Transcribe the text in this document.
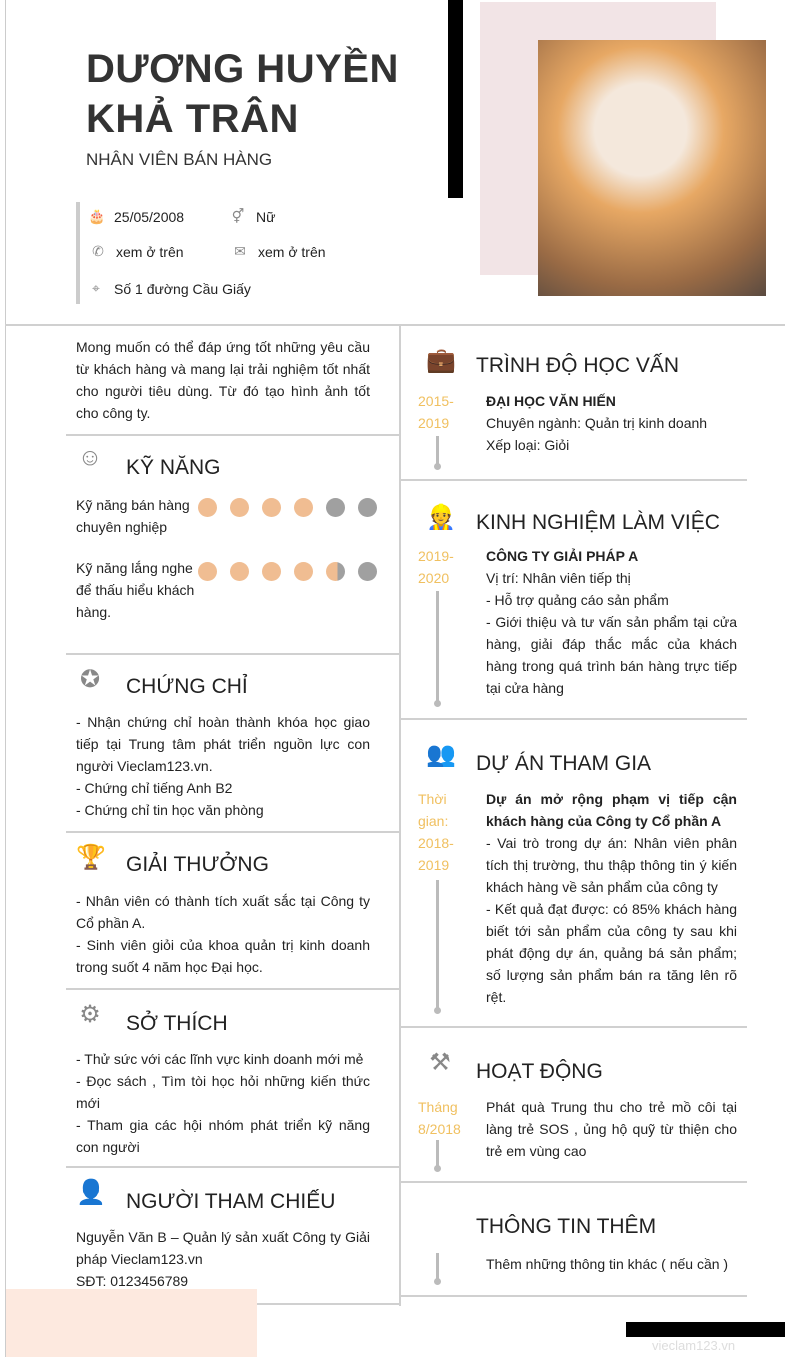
DƯƠNG HUYỀN
KHẢ TRÂN
NHÂN VIÊN BÁN HÀNG
🎂 25/05/2008	⚥ Nữ
✆ xem ở trên	✉ xem ở trên
⌖ Số 1 đường Cầu Giấy
Mong muốn có thể đáp ứng tốt những yêu cầu từ khách hàng và mang lại trải nghiệm tốt nhất cho người tiêu dùng. Từ đó tạo hình ảnh tốt cho công ty.
☺ KỸ NĂNG
Kỹ năng bán hàng chuyên nghiệp
Kỹ năng lắng nghe để thấu hiểu khách hàng.
✪ CHỨNG CHỈ
- Nhận chứng chỉ hoàn thành khóa học giao tiếp tại Trung tâm phát triển nguồn lực con người Vieclam123.vn.
- Chứng chỉ tiếng Anh B2
- Chứng chỉ tin học văn phòng
🏆 GIẢI THƯỞNG
- Nhân viên có thành tích xuất sắc tại Công ty Cổ phần A.
- Sinh viên giỏi của khoa quản trị kinh doanh trong suốt 4 năm học Đại học.
⚙ SỞ THÍCH
- Thử sức với các lĩnh vực kinh doanh mới mẻ
- Đọc sách , Tìm tòi học hỏi những kiến thức mới
- Tham gia các hội nhóm phát triển kỹ năng con người
👤 NGƯỜI THAM CHIẾU
Nguyễn Văn B – Quản lý sản xuất Công ty Giải pháp Vieclam123.vn
SĐT: 0123456789
💼 TRÌNH ĐỘ HỌC VẤN
2015-2019
ĐẠI HỌC VĂN HIẾN
Chuyên ngành: Quản trị kinh doanh
Xếp loại: Giỏi
👷 KINH NGHIỆM LÀM VIỆC
2019-2020
CÔNG TY GIẢI PHÁP A
Vị trí: Nhân viên tiếp thị
- Hỗ trợ quảng cáo sản phẩm
- Giới thiệu và tư vấn sản phẩm tại cửa hàng, giải đáp thắc mắc của khách hàng trong quá trình bán hàng trực tiếp tại cửa hàng
👥 DỰ ÁN THAM GIA
Thời gian: 2018-2019
Dự án mở rộng phạm vị tiếp cận khách hàng của Công ty Cổ phần A
- Vai trò trong dự án: Nhân viên phân tích thị trường, thu thập thông tin ý kiến khách hàng về sản phẩm của công ty
- Kết quả đạt được: có 85% khách hàng biết tới sản phẩm của công ty sau khi phát động dự án, quảng bá sản phẩm; số lượng sản phẩm bán ra tăng lên rõ rệt.
⚒ HOẠT ĐỘNG
Tháng 8/2018
Phát quà Trung thu cho trẻ mồ côi tại làng trẻ SOS , ủng hộ quỹ từ thiện cho trẻ em vùng cao
THÔNG TIN THÊM
Thêm những thông tin khác ( nếu cần )
vieclam123.vn
